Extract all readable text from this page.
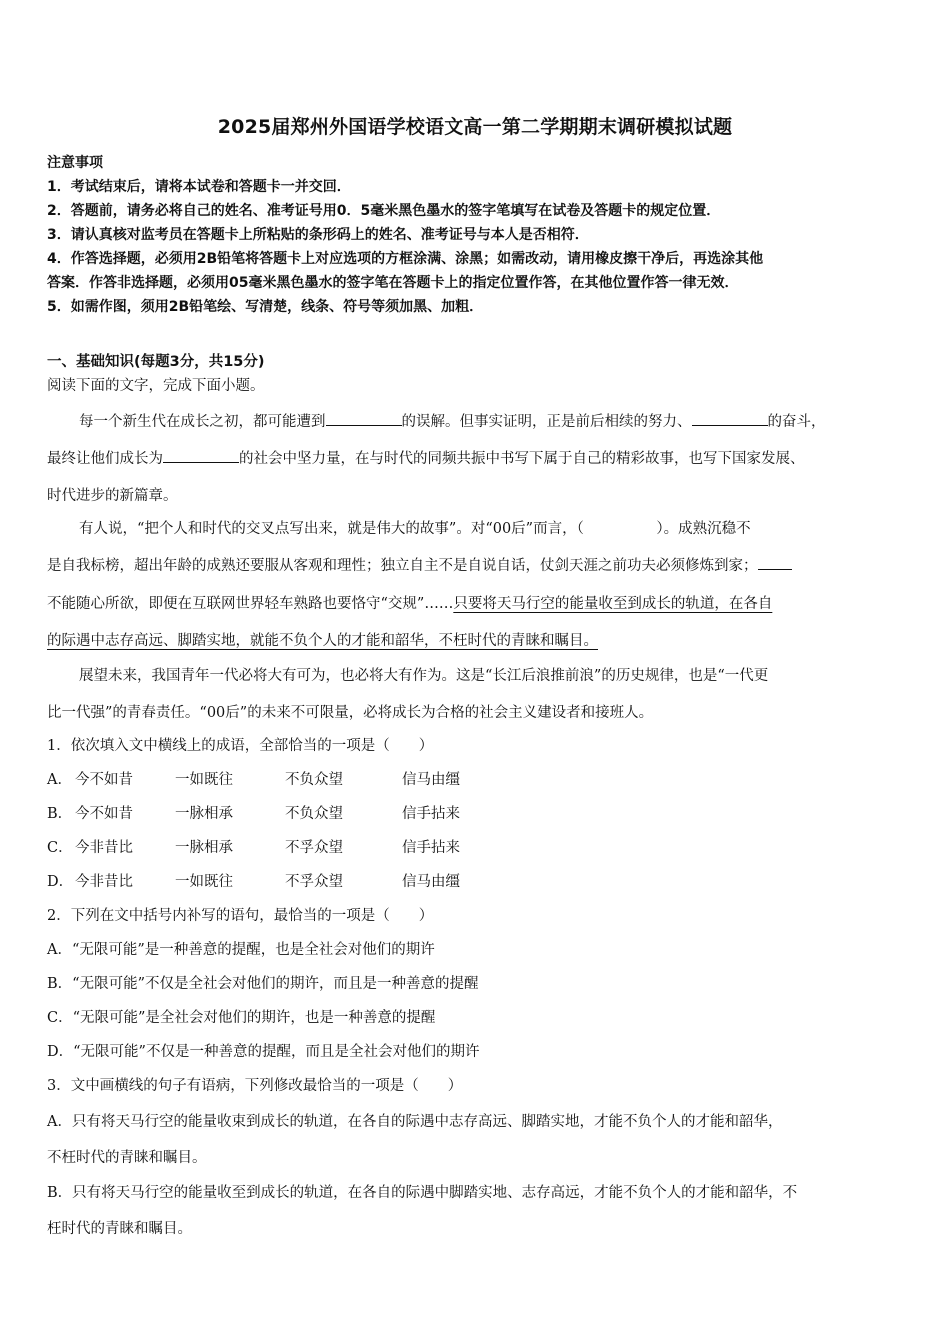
2025届郑州外国语学校语文高一第二学期期末调研模拟试题
注意事项
1．考试结束后，请将本试卷和答题卡一并交回．
2．答题前，请务必将自己的姓名、准考证号用0．5毫米黑色墨水的签字笔填写在试卷及答题卡的规定位置．
3．请认真核对监考员在答题卡上所粘贴的条形码上的姓名、准考证号与本人是否相符．
4．作答选择题，必须用2B铅笔将答题卡上对应选项的方框涂满、涂黑；如需改动，请用橡皮擦干净后，再选涂其他
答案．作答非选择题，必须用05毫米黑色墨水的签字笔在答题卡上的指定位置作答，在其他位置作答一律无效．
5．如需作图，须用2B铅笔绘、写清楚，线条、符号等须加黑、加粗．
一、基础知识(每题3分，共15分)
阅读下面的文字，完成下面小题。
每一个新生代在成长之初，都可能遭到	的误解。但事实证明，正是前后相续的努力、	的奋斗，
最终让他们成长为	的社会中坚力量，在与时代的同频共振中书写下属于自己的精彩故事，也写下国家发展、
时代进步的新篇章。
有人说，“把个人和时代的交叉点写出来，就是伟大的故事”。对“00后”而言，（　　　　　）。成熟沉稳不
是自我标榜，超出年龄的成熟还要服从客观和理性；独立自主不是自说自话，仗剑天涯之前功夫必须修炼到家；
不能随心所欲，即便在互联网世界轻车熟路也要恪守“交规”……只要将天马行空的能量收至到成长的轨道，在各自
的际遇中志存高远、脚踏实地，就能不负个人的才能和韶华，不枉时代的青睐和瞩目。
展望未来，我国青年一代必将大有可为，也必将大有作为。这是“长江后浪推前浪”的历史规律，也是“一代更
比一代强”的青春责任。“00后”的未来不可限量，必将成长为合格的社会主义建设者和接班人。
1．依次填入文中横线上的成语，全部恰当的一项是（　　）
A． 今不如昔	一如既往	不负众望	信马由缰
B． 今不如昔	一脉相承	不负众望	信手拈来
C． 今非昔比	一脉相承	不孚众望	信手拈来
D． 今非昔比	一如既往	不孚众望	信马由缰
2．下列在文中括号内补写的语句，最恰当的一项是（　　）
A．“无限可能”是一种善意的提醒，也是全社会对他们的期许
B．“无限可能”不仅是全社会对他们的期许，而且是一种善意的提醒
C．“无限可能”是全社会对他们的期许，也是一种善意的提醒
D．“无限可能”不仅是一种善意的提醒，而且是全社会对他们的期许
3．文中画横线的句子有语病，下列修改最恰当的一项是（　　）
A．只有将天马行空的能量收束到成长的轨道，在各自的际遇中志存高远、脚踏实地，才能不负个人的才能和韶华，
不枉时代的青睐和瞩目。
B．只有将天马行空的能量收至到成长的轨道，在各自的际遇中脚踏实地、志存高远，才能不负个人的才能和韶华，不
枉时代的青睐和瞩目。
